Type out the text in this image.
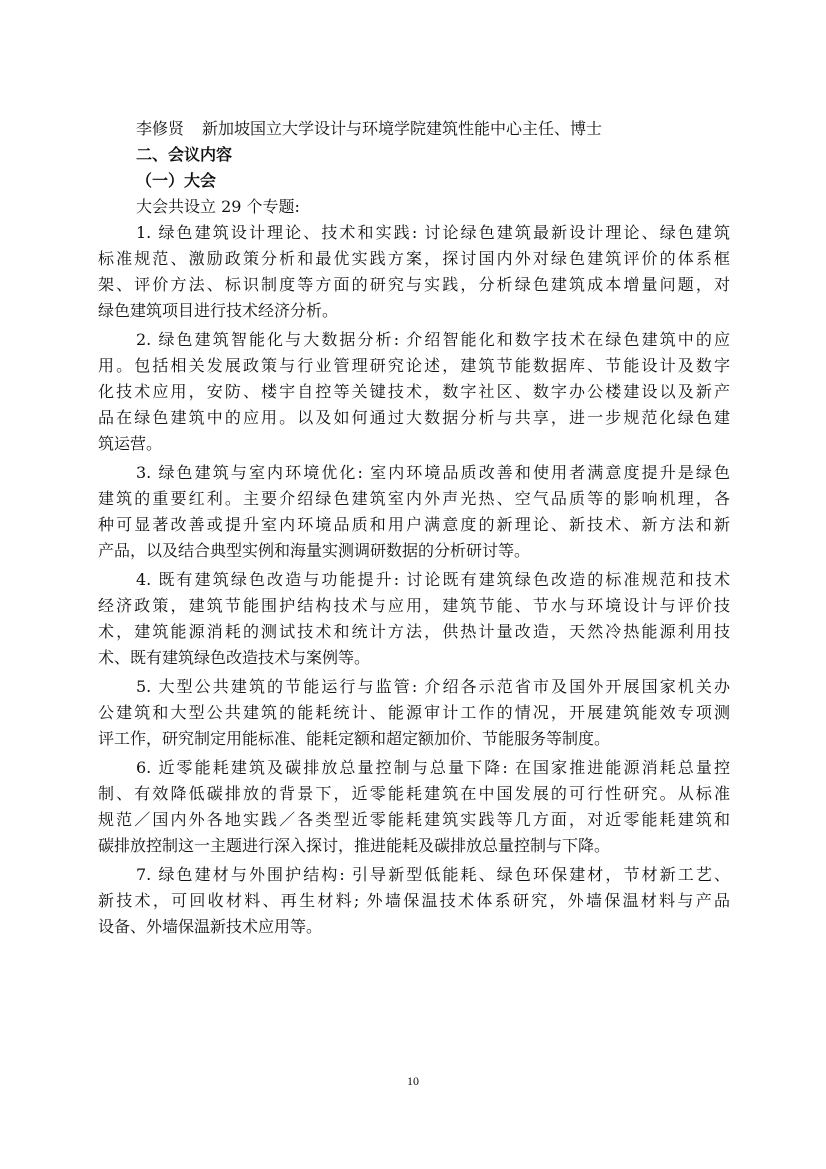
李修贤 新加坡国立大学设计与环境学院建筑性能中心主任、博士

二、会议内容

（一）大会

大会共设立 29 个专题:

1. 绿色建筑设计理论、技术和实践: 讨论绿色建筑最新设计理论、绿色建筑

标准规范、激励政策分析和最优实践方案，探讨国内外对绿色建筑评价的体系框

架、评价方法、标识制度等方面的研究与实践，分析绿色建筑成本增量问题，对

绿色建筑项目进行技术经济分析。

2. 绿色建筑智能化与大数据分析: 介绍智能化和数字技术在绿色建筑中的应

用。包括相关发展政策与行业管理研究论述，建筑节能数据库、节能设计及数字

化技术应用，安防、楼宇自控等关键技术，数字社区、数字办公楼建设以及新产

品在绿色建筑中的应用。以及如何通过大数据分析与共享，进一步规范化绿色建

筑运营。

3. 绿色建筑与室内环境优化: 室内环境品质改善和使用者满意度提升是绿色

建筑的重要红利。主要介绍绿色建筑室内外声光热、空气品质等的影响机理，各

种可显著改善或提升室内环境品质和用户满意度的新理论、新技术、新方法和新

产品，以及结合典型实例和海量实测调研数据的分析研讨等。

4. 既有建筑绿色改造与功能提升: 讨论既有建筑绿色改造的标准规范和技术

经济政策，建筑节能围护结构技术与应用，建筑节能、节水与环境设计与评价技

术，建筑能源消耗的测试技术和统计方法，供热计量改造，天然冷热能源利用技

术、既有建筑绿色改造技术与案例等。

5. 大型公共建筑的节能运行与监管: 介绍各示范省市及国外开展国家机关办

公建筑和大型公共建筑的能耗统计、能源审计工作的情况，开展建筑能效专项测

评工作，研究制定用能标准、能耗定额和超定额加价、节能服务等制度。

6. 近零能耗建筑及碳排放总量控制与总量下降: 在国家推进能源消耗总量控

制、有效降低碳排放的背景下，近零能耗建筑在中国发展的可行性研究。从标准

规范／国内外各地实践／各类型近零能耗建筑实践等几方面，对近零能耗建筑和

碳排放控制这一主题进行深入探讨，推进能耗及碳排放总量控制与下降。

7. 绿色建材与外围护结构: 引导新型低能耗、绿色环保建材，节材新工艺、

新技术，可回收材料、再生材料; 外墙保温技术体系研究，外墙保温材料与产品

设备、外墙保温新技术应用等。

10
